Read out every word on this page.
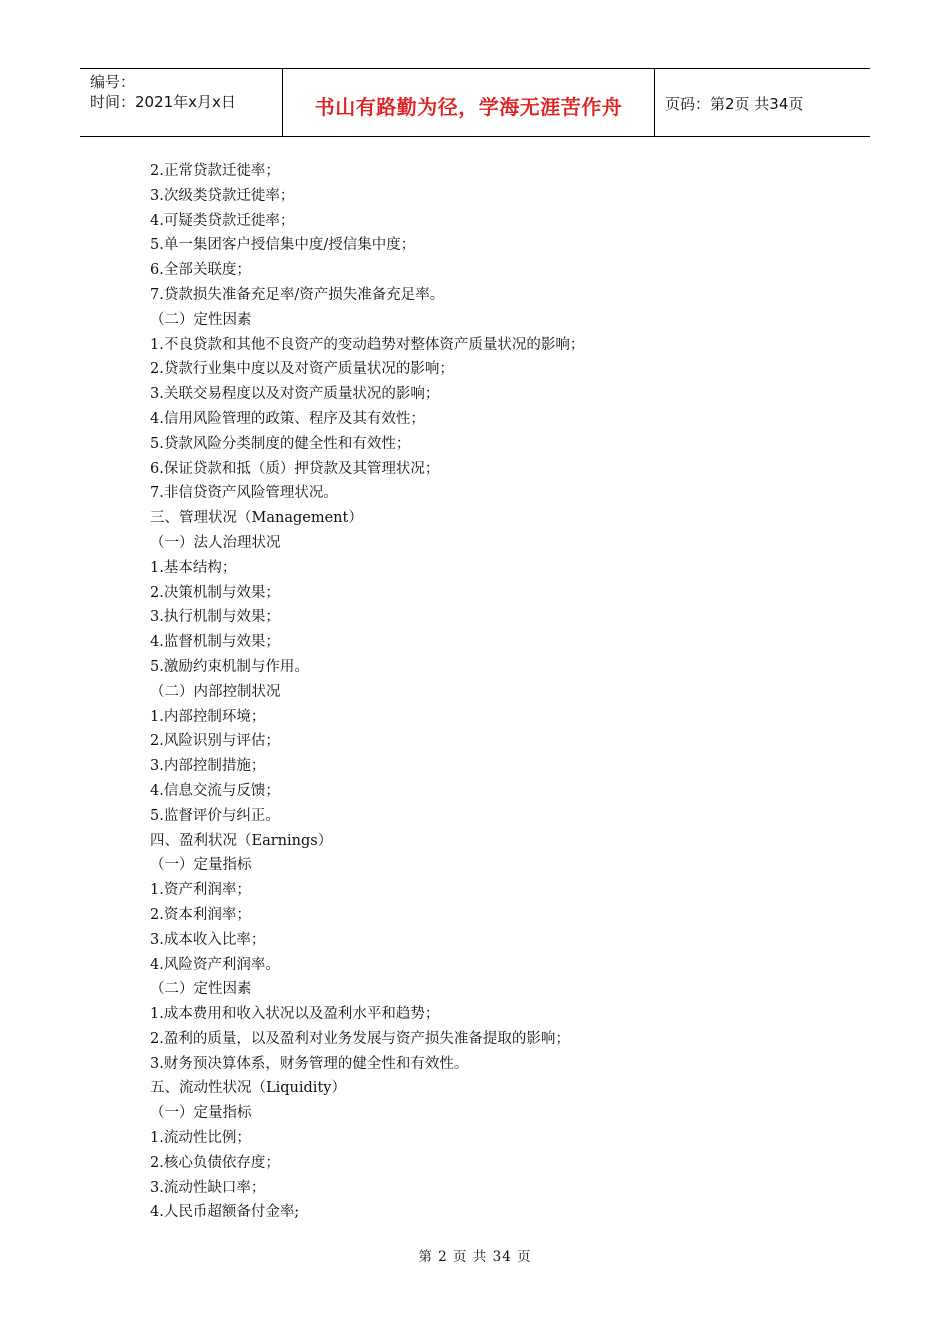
编号：
时间：2021年x月x日	书山有路勤为径，学海无涯苦作舟	页码：第2页 共34页
2.正常贷款迁徙率；
3.次级类贷款迁徙率；
4.可疑类贷款迁徙率；
5.单一集团客户授信集中度/授信集中度；
6.全部关联度；
7.贷款损失准备充足率/资产损失准备充足率。
（二）定性因素
1.不良贷款和其他不良资产的变动趋势对整体资产质量状况的影响；
2.贷款行业集中度以及对资产质量状况的影响；
3.关联交易程度以及对资产质量状况的影响；
4.信用风险管理的政策、程序及其有效性；
5.贷款风险分类制度的健全性和有效性；
6.保证贷款和抵（质）押贷款及其管理状况；
7.非信贷资产风险管理状况。
三、管理状况（Management）
（一）法人治理状况
1.基本结构；
2.决策机制与效果；
3.执行机制与效果；
4.监督机制与效果；
5.激励约束机制与作用。
（二）内部控制状况
1.内部控制环境；
2.风险识别与评估；
3.内部控制措施；
4.信息交流与反馈；
5.监督评价与纠正。
四、盈利状况（Earnings）
（一）定量指标
1.资产利润率；
2.资本利润率；
3.成本收入比率；
4.风险资产利润率。
（二）定性因素
1.成本费用和收入状况以及盈利水平和趋势；
2.盈利的质量，以及盈利对业务发展与资产损失准备提取的影响；
3.财务预决算体系，财务管理的健全性和有效性。
五、流动性状况（Liquidity）
（一）定量指标
1.流动性比例；
2.核心负债依存度；
3.流动性缺口率；
4.人民币超额备付金率;
第 2 页 共 34 页
